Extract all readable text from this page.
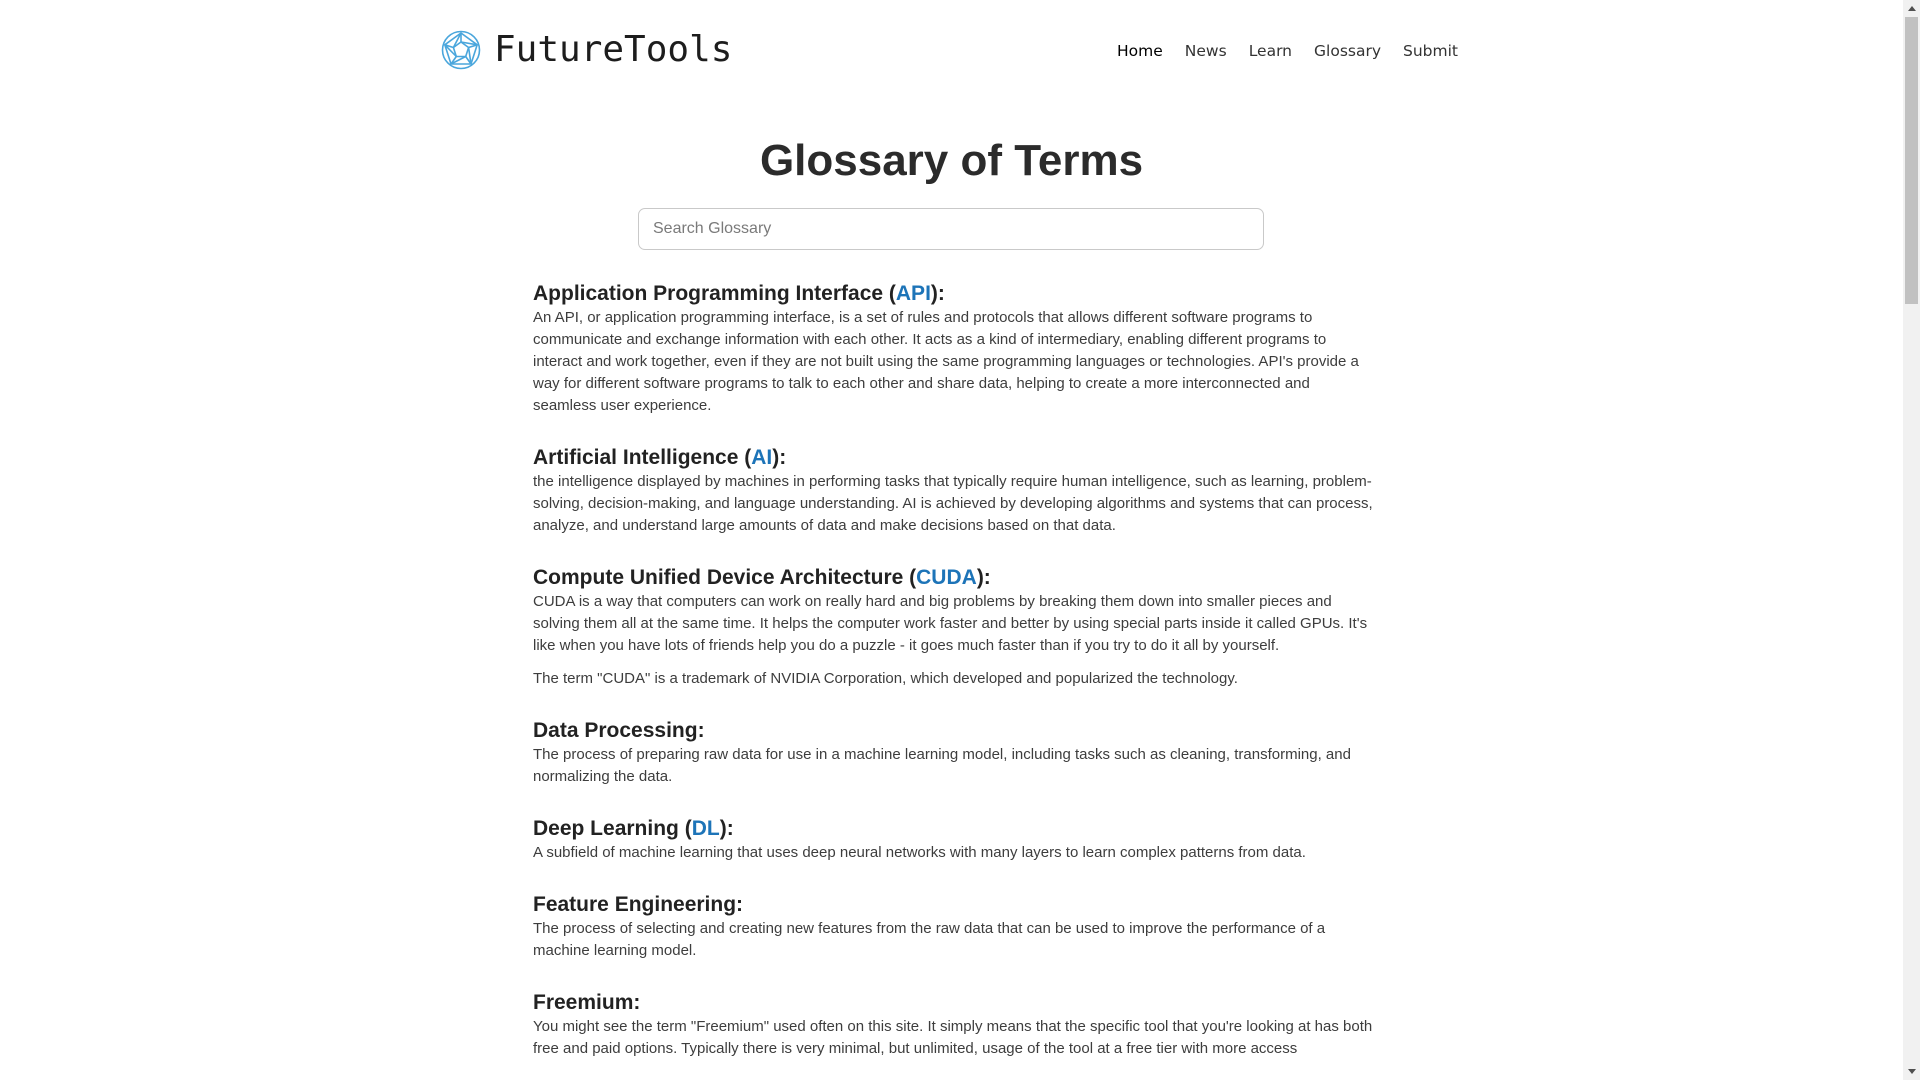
FutureTools	Home News Learn Glossary Submit
Glossary of Terms
Search Glossary
Application Programming Interface (API):

An API, or application programming interface, is a set of rules and protocols that allows different software programs to communicate and exchange information with each other. It acts as a kind of intermediary, enabling different programs to interact and work together, even if they are not built using the same programming languages or technologies. API's provide a way for different software programs to talk to each other and share data, helping to create a more interconnected and seamless user experience.

Artificial Intelligence (AI):

the intelligence displayed by machines in performing tasks that typically require human intelligence, such as learning, problem-solving, decision-making, and language understanding. AI is achieved by developing algorithms and systems that can process, analyze, and understand large amounts of data and make decisions based on that data.

Compute Unified Device Architecture (CUDA):

CUDA is a way that computers can work on really hard and big problems by breaking them down into smaller pieces and solving them all at the same time. It helps the computer work faster and better by using special parts inside it called GPUs. It's like when you have lots of friends help you do a puzzle - it goes much faster than if you try to do it all by yourself.

The term "CUDA" is a trademark of NVIDIA Corporation, which developed and popularized the technology.

Data Processing:

The process of preparing raw data for use in a machine learning model, including tasks such as cleaning, transforming, and normalizing the data.

Deep Learning (DL):

A subfield of machine learning that uses deep neural networks with many layers to learn complex patterns from data.

Feature Engineering:

The process of selecting and creating new features from the raw data that can be used to improve the performance of a machine learning model.

Freemium:

You might see the term "Freemium" used often on this site. It simply means that the specific tool that you're looking at has both free and paid options. Typically there is very minimal, but unlimited, usage of the tool at a free tier with more access
